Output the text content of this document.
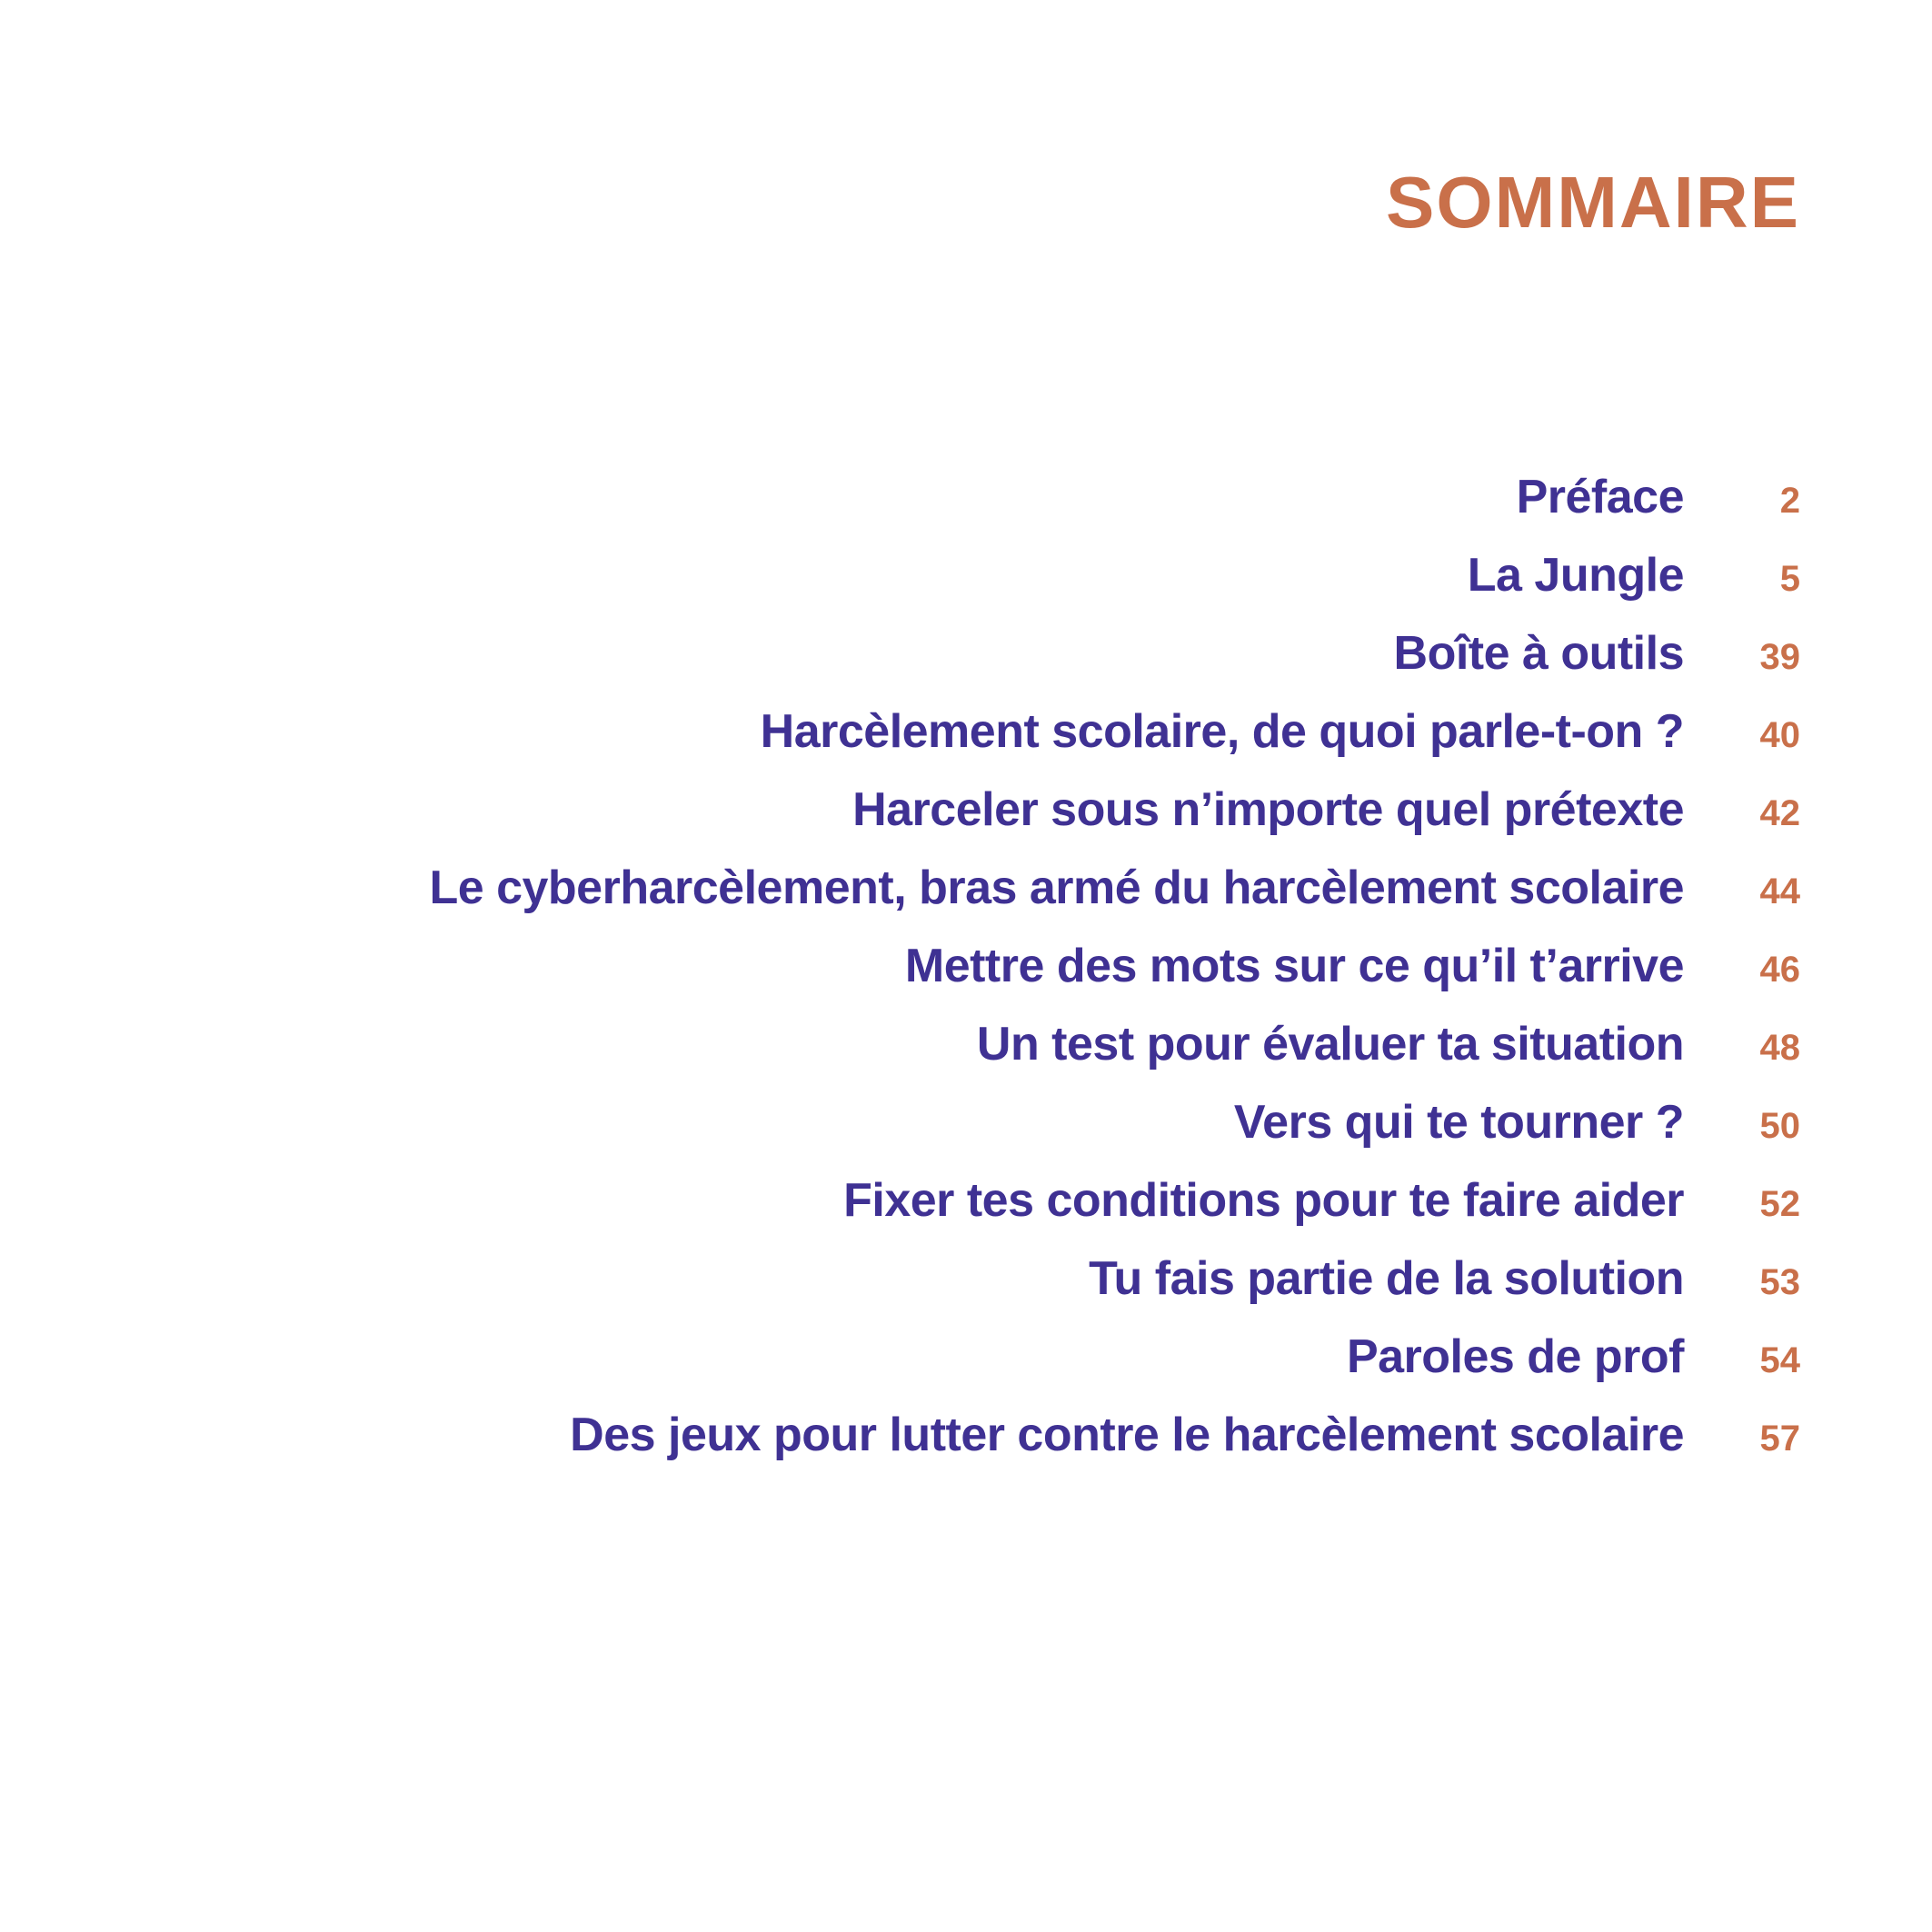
SOMMAIRE
Préface	2
La Jungle	5
Boîte à outils	39
Harcèlement scolaire, de quoi parle-t-on ?	40
Harceler sous n’importe quel prétexte	42
Le cyberharcèlement, bras armé du harcèlement scolaire	44
Mettre des mots sur ce qu’il t’arrive	46
Un test pour évaluer ta situation	48
Vers qui te tourner ?	50
Fixer tes conditions pour te faire aider	52
Tu fais partie de la solution	53
Paroles de prof	54
Des jeux pour lutter contre le harcèlement scolaire	57
